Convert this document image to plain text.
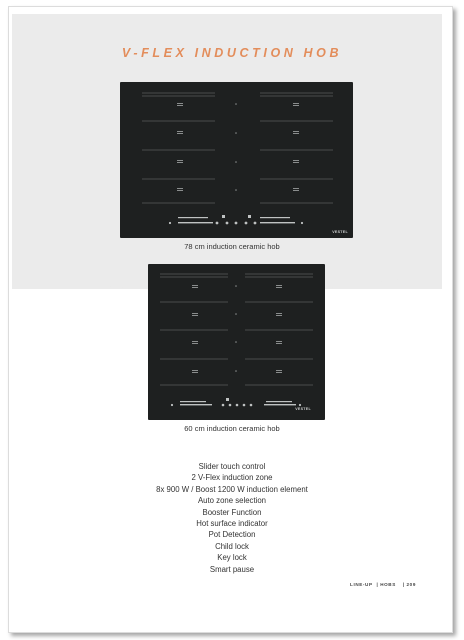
V-FLEX INDUCTION HOB
VESTEL
78 cm induction ceramic hob
VESTEL
60 cm induction ceramic hob
Slider touch control
2 V-Flex induction zone
8x 900 W / Boost 1200 W induction element
Auto zone selection
Booster Function
Hot surface indicator
Pot Detection
Child lock
Key lock
Smart pause
LINE-UP | HOBS | 209
